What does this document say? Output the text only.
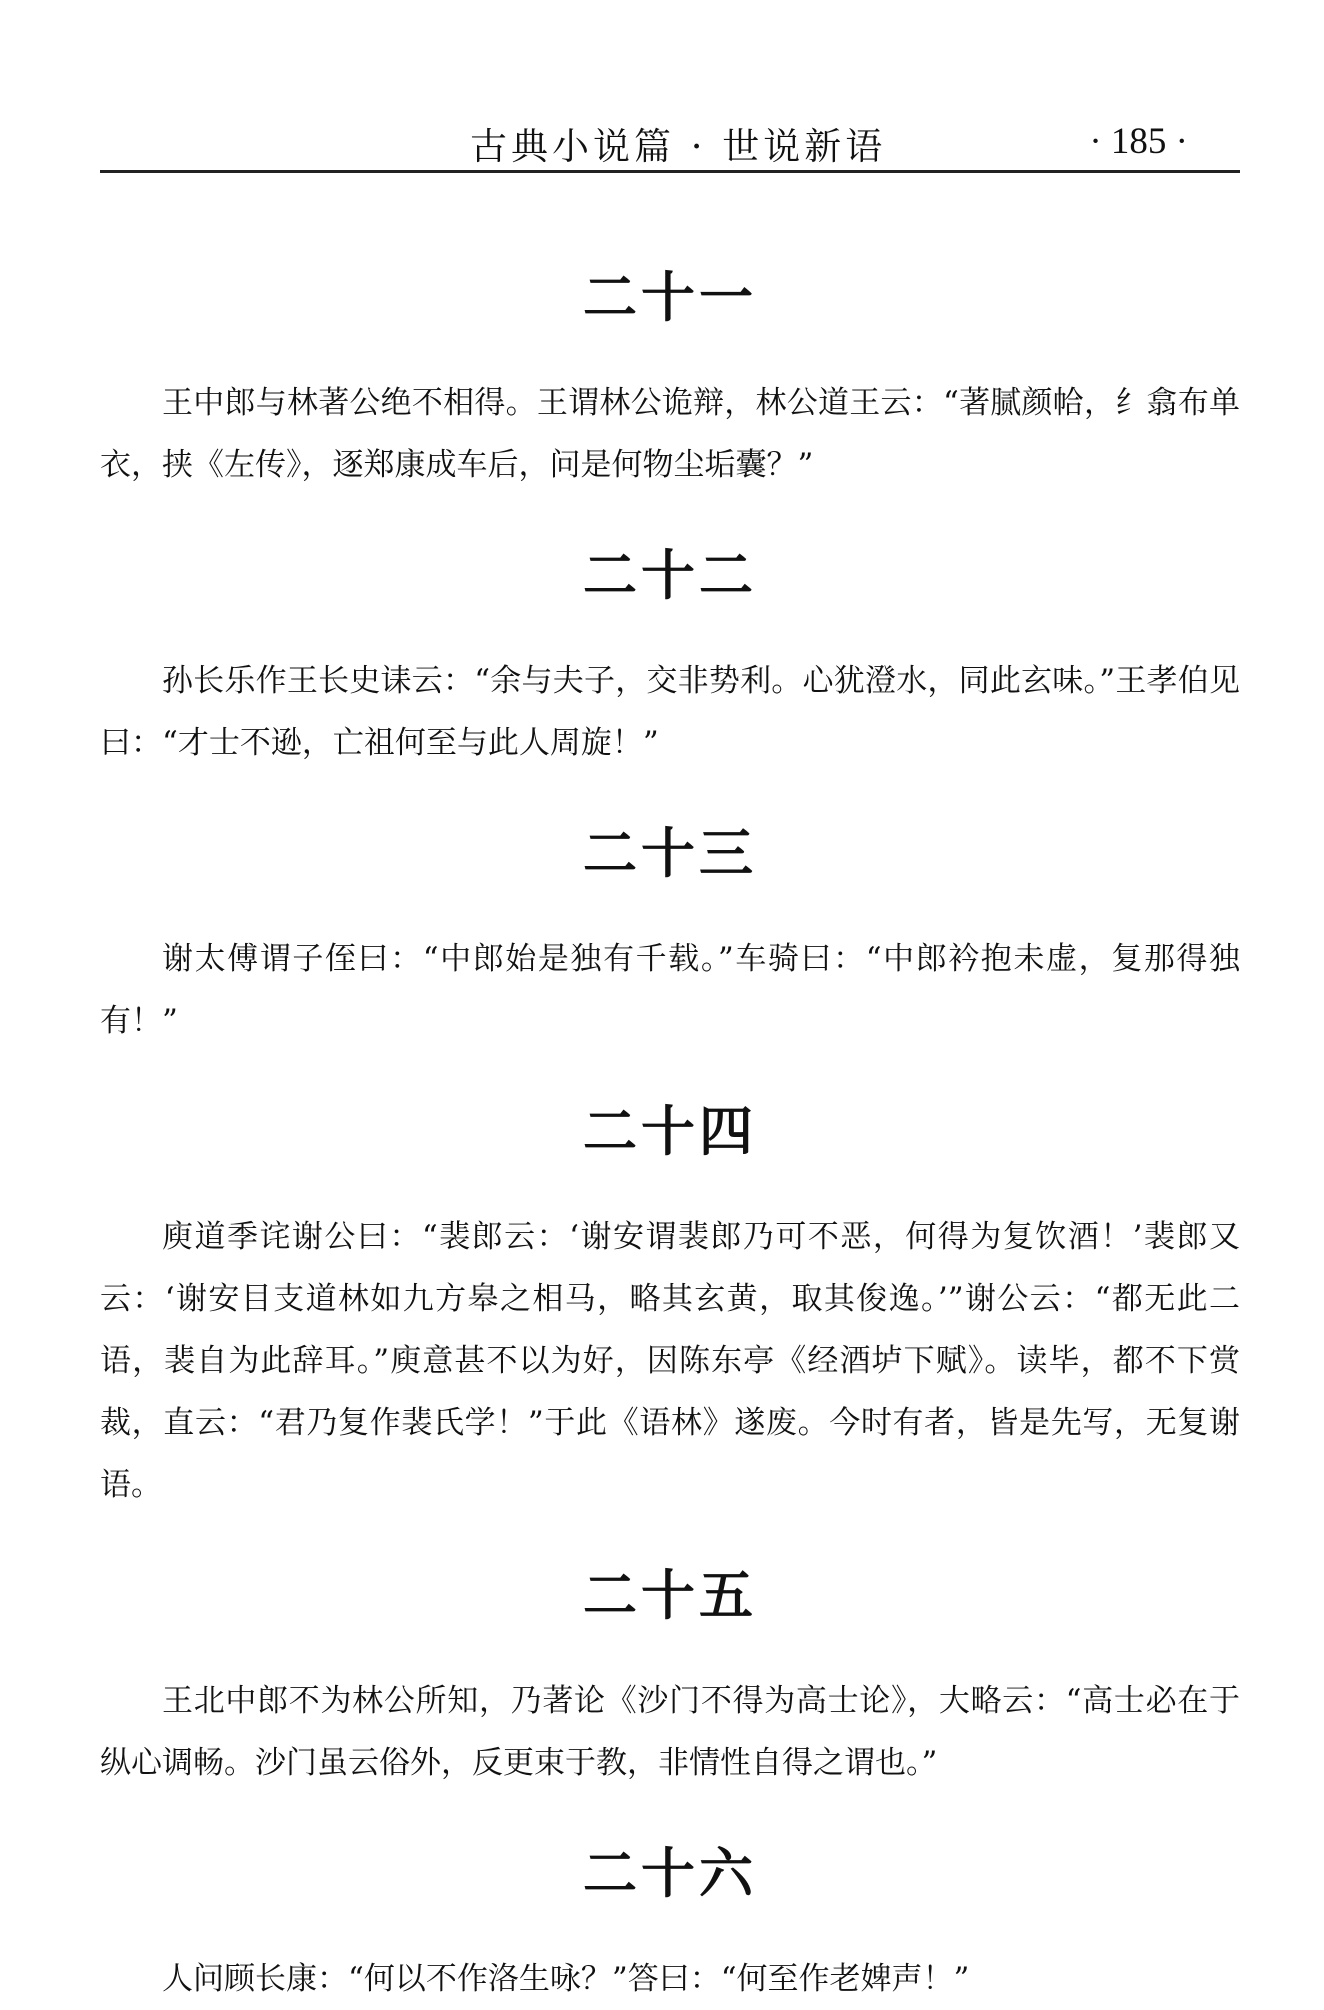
古典小说篇 · 世说新语	· 185 ·
二十一

王中郎与林著公绝不相得。王谓林公诡辩，林公道王云：“著腻颜帢，纟翕布单衣，挟《左传》，逐郑康成车后，问是何物尘垢囊？”

二十二

孙长乐作王长史诔云：“余与夫子，交非势利。心犹澄水，同此玄味。”王孝伯见曰：“才士不逊，亡祖何至与此人周旋！”

二十三

谢太傅谓子侄曰：“中郎始是独有千载。”车骑曰：“中郎衿抱未虚，复那得独有！”

二十四

庾道季诧谢公曰：“裴郎云：‘谢安谓裴郎乃可不恶，何得为复饮酒！’裴郎又云：‘谢安目支道林如九方皋之相马，略其玄黄，取其俊逸。’”谢公云：“都无此二语，裴自为此辞耳。”庾意甚不以为好，因陈东亭《经酒垆下赋》。读毕，都不下赏裁，直云：“君乃复作裴氏学！”于此《语林》遂废。今时有者，皆是先写，无复谢语。

二十五

王北中郎不为林公所知，乃著论《沙门不得为高士论》，大略云：“高士必在于纵心调畅。沙门虽云俗外，反更束于教，非情性自得之谓也。”

二十六

人问顾长康：“何以不作洛生咏？”答曰：“何至作老婢声！”
